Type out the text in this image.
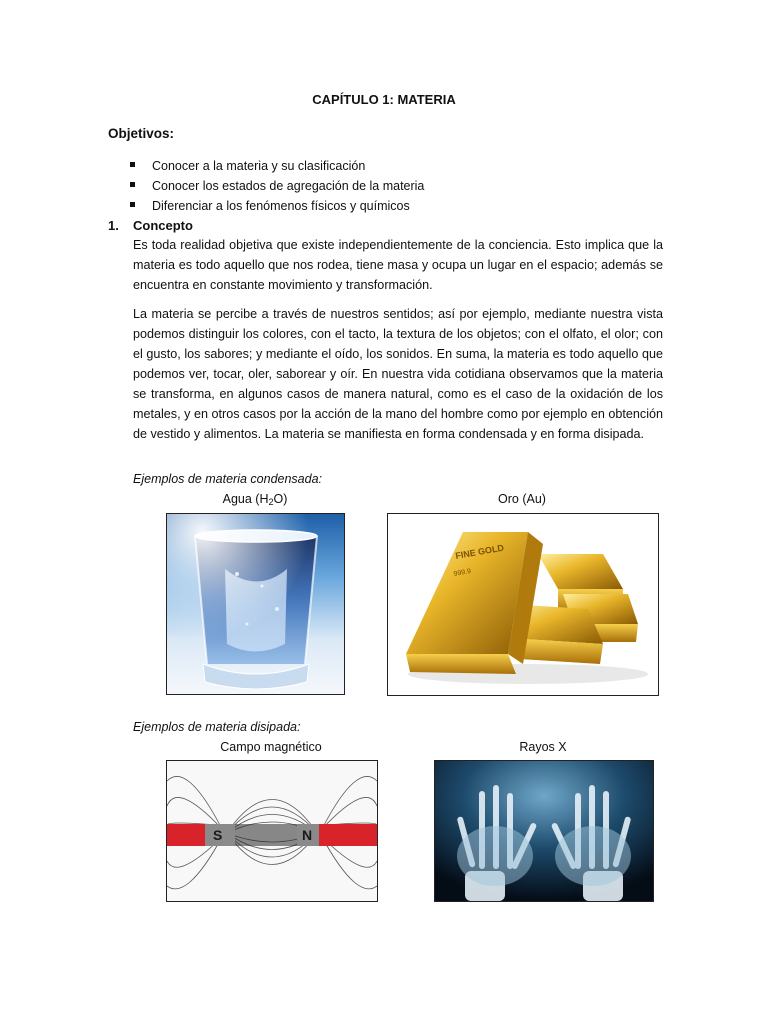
CAPÍTULO 1: MATERIA
Objetivos:
Conocer a la materia y su clasificación
Conocer los estados de agregación de la materia
Diferenciar a los fenómenos físicos y químicos
1. Concepto
Es toda realidad objetiva que existe independientemente de la conciencia. Esto implica que la materia es todo aquello que nos rodea, tiene masa y ocupa un lugar en el espacio; además se encuentra en constante movimiento y transformación.
La materia se percibe a través de nuestros sentidos; así por ejemplo, mediante nuestra vista podemos distinguir los colores, con el tacto, la textura de los objetos; con el olfato, el olor; con el gusto, los sabores; y mediante el oído, los sonidos. En suma, la materia es todo aquello que podemos ver, tocar, oler, saborear y oír. En nuestra vida cotidiana observamos que la materia se transforma, en algunos casos de manera natural, como es el caso de la oxidación de los metales, y en otros casos por la acción de la mano del hombre como por ejemplo en obtención de vestido y alimentos. La materia se manifiesta en forma condensada y en forma disipada.
Ejemplos de materia condensada:
Agua $(H_2O)$	Oro (Au)
FINE GOLD
999.9
Ejemplos de materia disipada:
Campo magnético	Rayos X
S	N
